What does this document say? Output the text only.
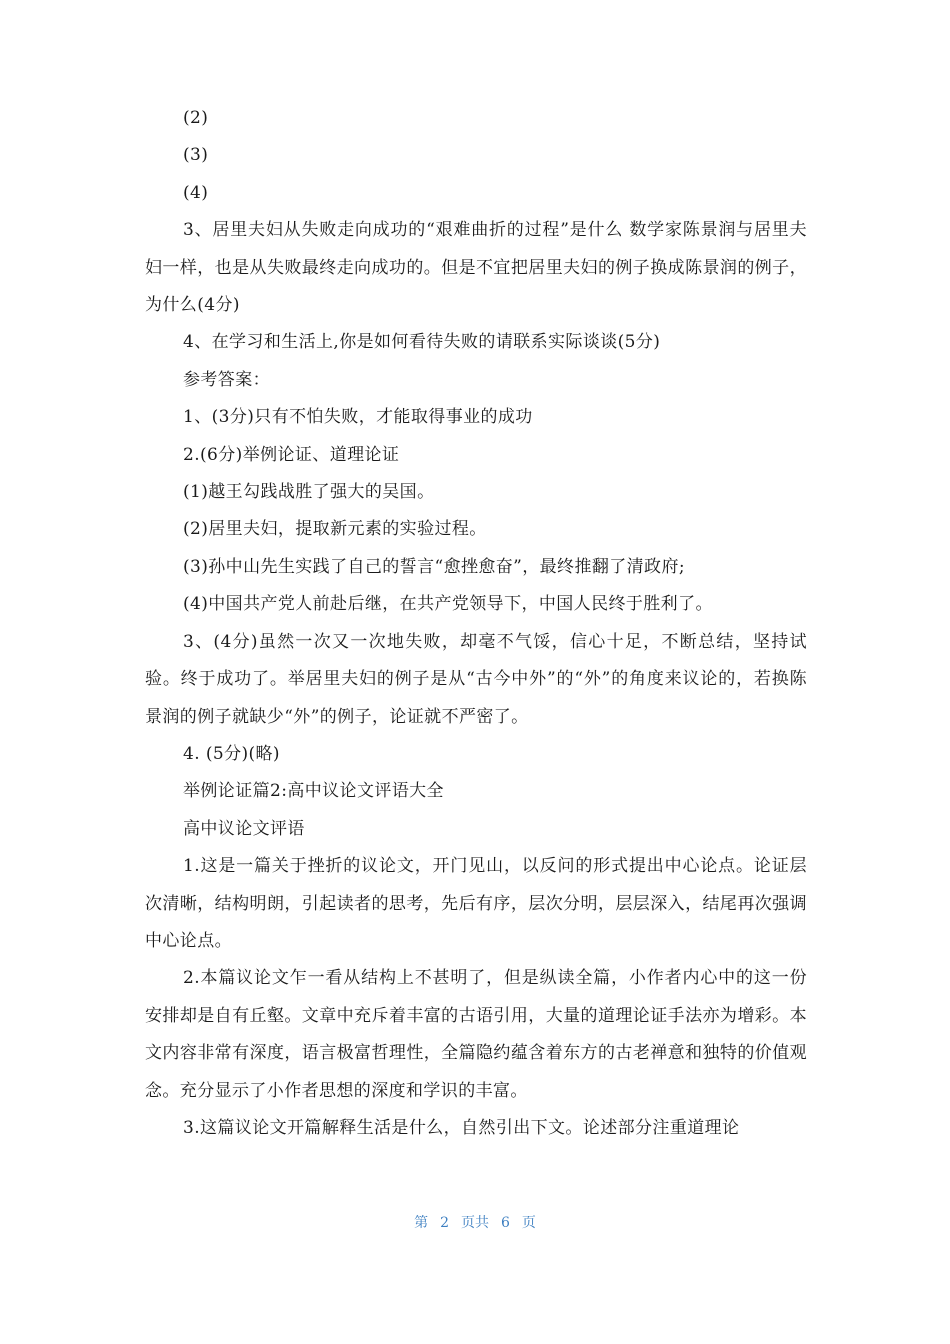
(2)

(3)

(4)

3、居里夫妇从失败走向成功的“艰难曲折的过程”是什么 数学家陈景润与居里夫妇一样，也是从失败最终走向成功的。但是不宜把居里夫妇的例子换成陈景润的例子，为什么(4分)

4、在学习和生活上,你是如何看待失败的请联系实际谈谈(5分)

参考答案：

1、(3分)只有不怕失败，才能取得事业的成功

2.(6分)举例论证、道理论证

(1)越王勾践战胜了强大的吴国。

(2)居里夫妇，提取新元素的实验过程。

(3)孙中山先生实践了自己的誓言“愈挫愈奋”，最终推翻了清政府;

(4)中国共产党人前赴后继，在共产党领导下，中国人民终于胜利了。

3、(4分)虽然一次又一次地失败，却毫不气馁，信心十足，不断总结，坚持试验。终于成功了。举居里夫妇的例子是从“古今中外”的“外”的角度来议论的，若换陈景润的例子就缺少“外”的例子，论证就不严密了。

4. (5分)(略)

举例论证篇2:高中议论文评语大全

高中议论文评语

1.这是一篇关于挫折的议论文，开门见山，以反问的形式提出中心论点。论证层次清晰，结构明朗，引起读者的思考，先后有序，层次分明，层层深入，结尾再次强调中心论点。

2.本篇议论文乍一看从结构上不甚明了，但是纵读全篇，小作者内心中的这一份安排却是自有丘壑。文章中充斥着丰富的古语引用，大量的道理论证手法亦为增彩。本文内容非常有深度，语言极富哲理性，全篇隐约蕴含着东方的古老禅意和独特的价值观念。充分显示了小作者思想的深度和学识的丰富。

3.这篇议论文开篇解释生活是什么，自然引出下文。论述部分注重道理论

第 2 页共 6 页
